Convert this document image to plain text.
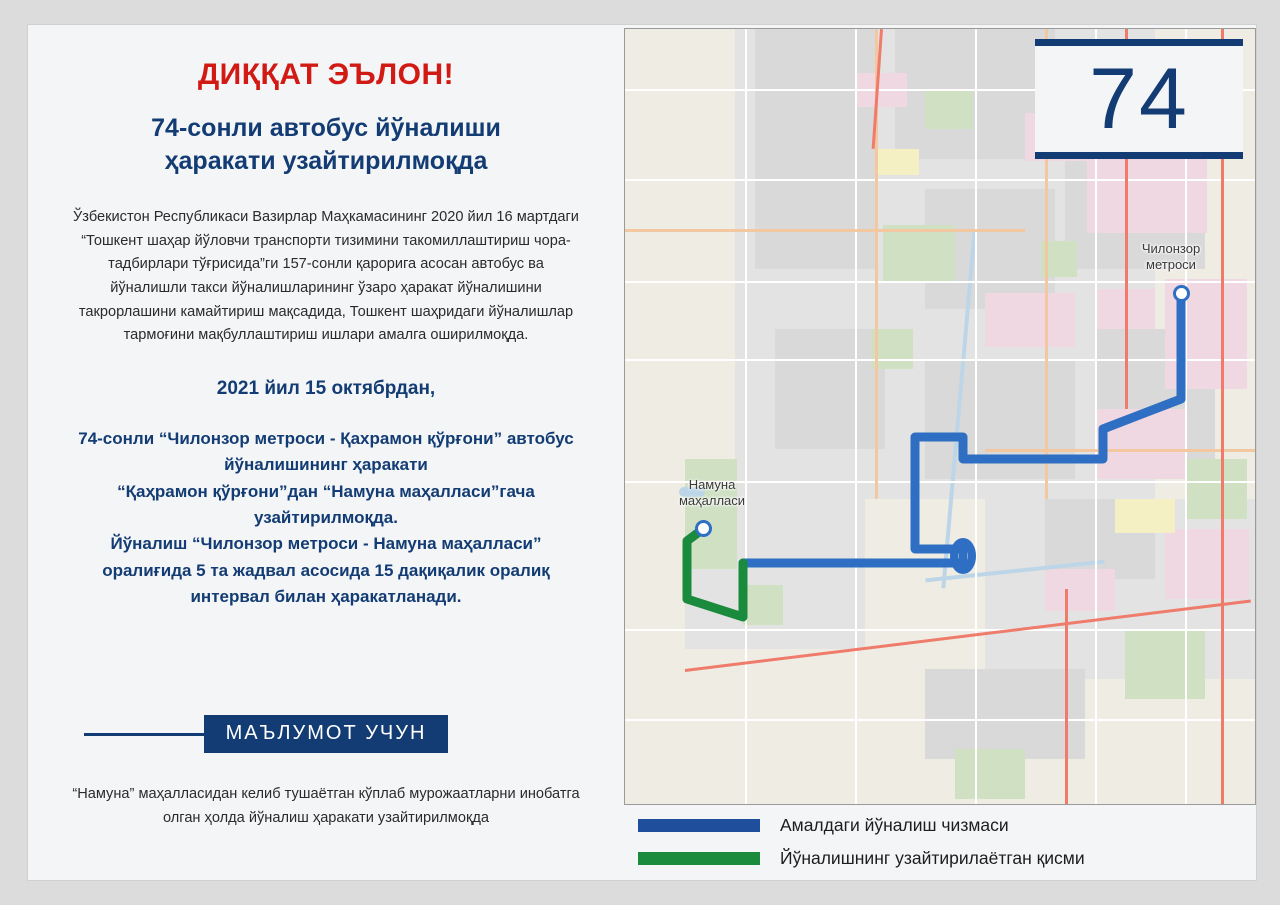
ДИҚҚАТ ЭЪЛОН!
74-сонли автобус йўналиши
ҳаракати узайтирилмоқда
Ўзбекистон Республикаси Вазирлар Маҳкамасининг 2020 йил 16 мартдаги “Тошкент шаҳар йўловчи транспорти тизимини такомиллаштириш чора-тадбирлари тўғрисида”ги 157-сонли қарорига асосан автобус ва йўналишли такси йўналишларининг ўзаро ҳаракат йўналишини такрорлашини камайтириш мақсадида, Тошкент шаҳридаги йўналишлар тармоғини мақбуллаштириш ишлари амалга оширилмоқда.
2021 йил 15 октябрдан,
74-сонли “Чилонзор метроси - Қахрамон қўрғони” автобус
йўналишининг ҳаракати
“Қаҳрамон қўрғони”дан “Намуна маҳалласи”гача
узайтирилмоқда.
Йўналиш “Чилонзор метроси - Намуна маҳалласи”
оралиғида 5 та жадвал асосида 15 дақиқалик оралиқ
интервал билан ҳаракатланади.
МАЪЛУМОТ УЧУН
“Намуна” маҳалласидан келиб тушаётган кўплаб мурожаатларни инобатга олган ҳолда йўналиш ҳаракати узайтирилмоқда
Чилонзор
метроси
Намуна
маҳалласи
74
Амалдаги йўналиш чизмаси
Йўналишнинг узайтирилаётган қисми
